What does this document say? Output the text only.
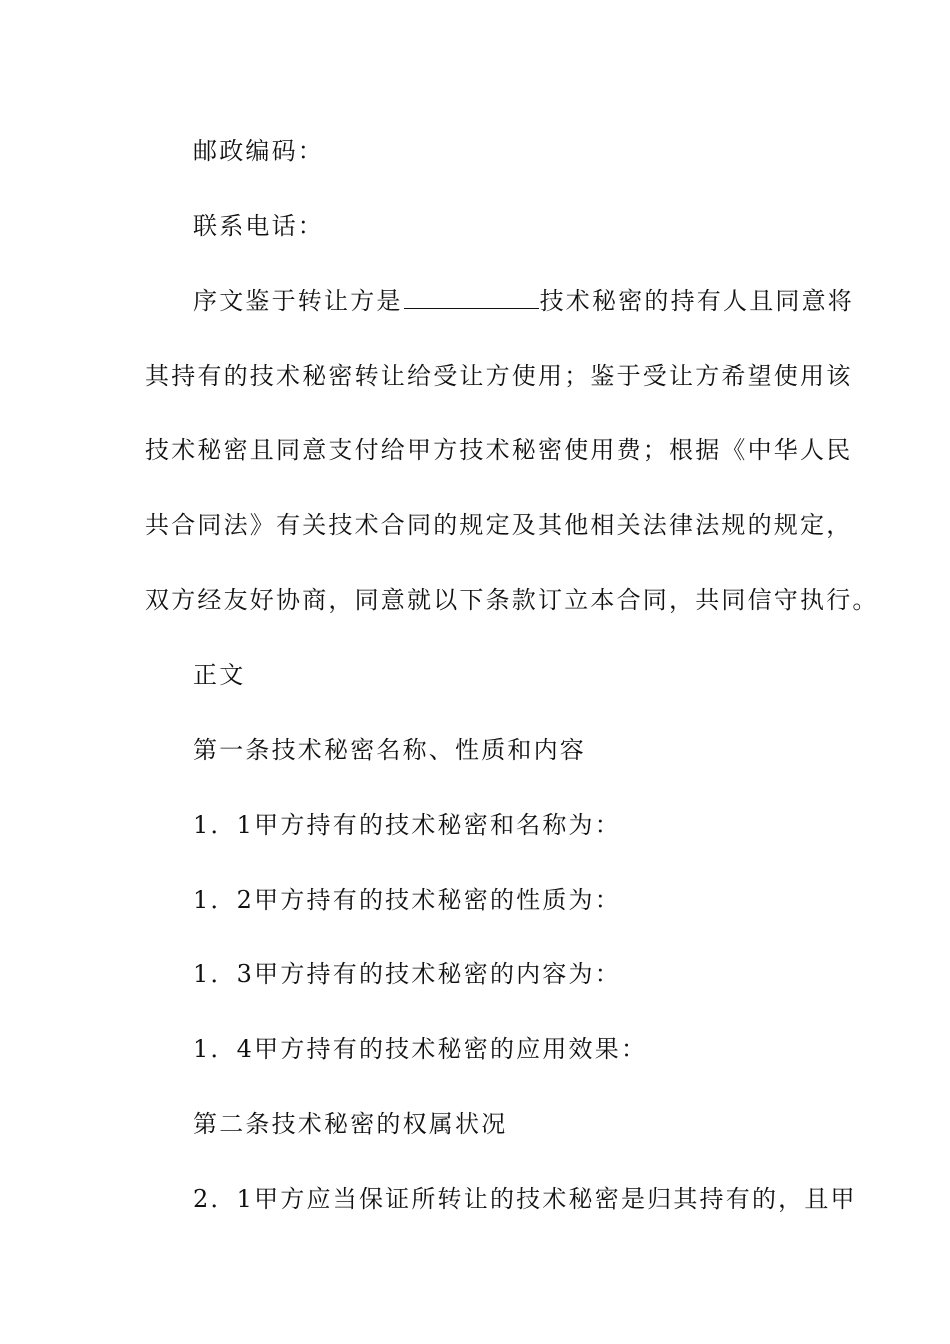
邮政编码：
联系电话：
序文鉴于转让方是	技术秘密的持有人且同意将
其持有的技术秘密转让给受让方使用；鉴于受让方希望使用该
技术秘密且同意支付给甲方技术秘密使用费；根据《中华人民
共合同法》有关技术合同的规定及其他相关法律法规的规定，
双方经友好协商，同意就以下条款订立本合同，共同信守执行。
正文
第一条技术秘密名称、性质和内容
1．1甲方持有的技术秘密和名称为：
1．2甲方持有的技术秘密的性质为：
1．3甲方持有的技术秘密的内容为：
1．4甲方持有的技术秘密的应用效果：
第二条技术秘密的权属状况
2．1甲方应当保证所转让的技术秘密是归其持有的，且甲
